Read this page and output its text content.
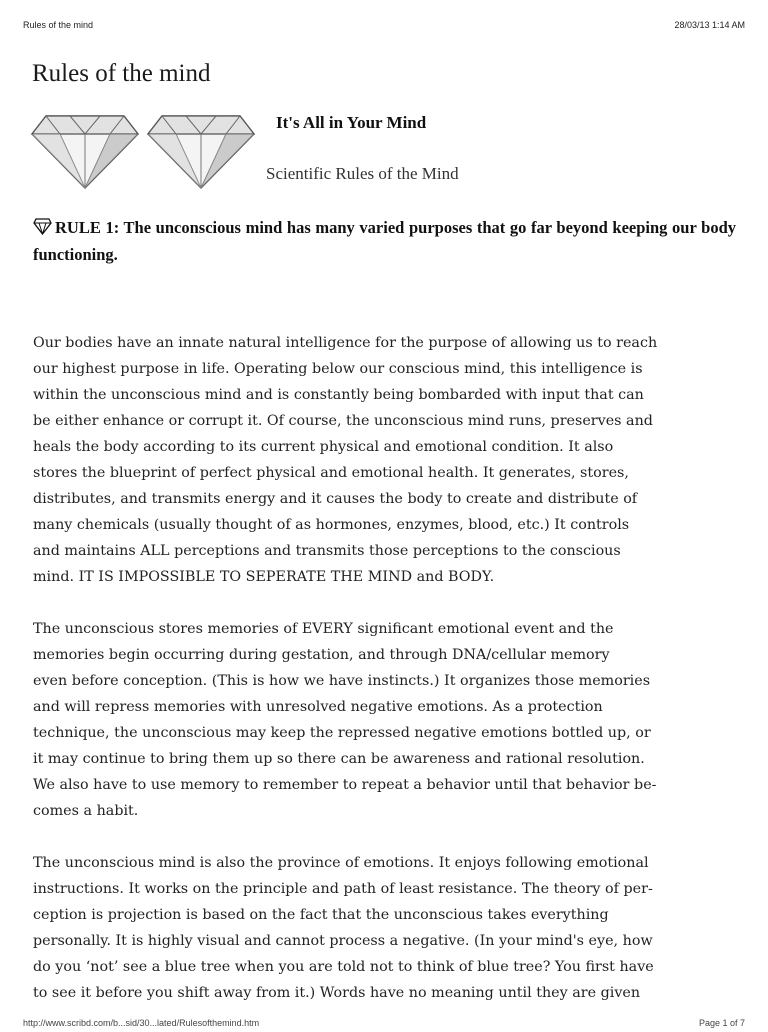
Rules of the mind	28/03/13 1:14 AM
Rules of the mind
It's All in Your Mind
Scientific Rules of the Mind
RULE 1: The unconscious mind has many varied purposes that go far beyond keeping our body functioning.

Our bodies have an innate natural intelligence for the purpose of allowing us to reach
our highest purpose in life. Operating below our conscious mind, this intelligence is
within the unconscious mind and is constantly being bombarded with input that can
be either enhance or corrupt it. Of course, the unconscious mind runs, preserves and
heals the body according to its current physical and emotional condition. It also
stores the blueprint of perfect physical and emotional health. It generates, stores,
distributes, and transmits energy and it causes the body to create and distribute of
many chemicals (usually thought of as hormones, enzymes, blood, etc.) It controls
and maintains ALL perceptions and transmits those perceptions to the conscious
mind. IT IS IMPOSSIBLE TO SEPERATE THE MIND and BODY.

The unconscious stores memories of EVERY significant emotional event and the
memories begin occurring during gestation, and through DNA/cellular memory
even before conception. (This is how we have instincts.) It organizes those memories
and will repress memories with unresolved negative emotions. As a protection
technique, the unconscious may keep the repressed negative emotions bottled up, or
it may continue to bring them up so there can be awareness and rational resolution.
We also have to use memory to remember to repeat a behavior until that behavior be-
comes a habit.

The unconscious mind is also the province of emotions. It enjoys following emotional
instructions. It works on the principle and path of least resistance. The theory of per-
ception is projection is based on the fact that the unconscious takes everything
personally. It is highly visual and cannot process a negative. (In your mind's eye, how
do you ‘not’ see a blue tree when you are told not to think of blue tree? You first have
to see it before you shift away from it.) Words have no meaning until they are given

http://www.scribd.com/b...sid/30...lated/Rulesofthemind.htm	Page 1 of 7
